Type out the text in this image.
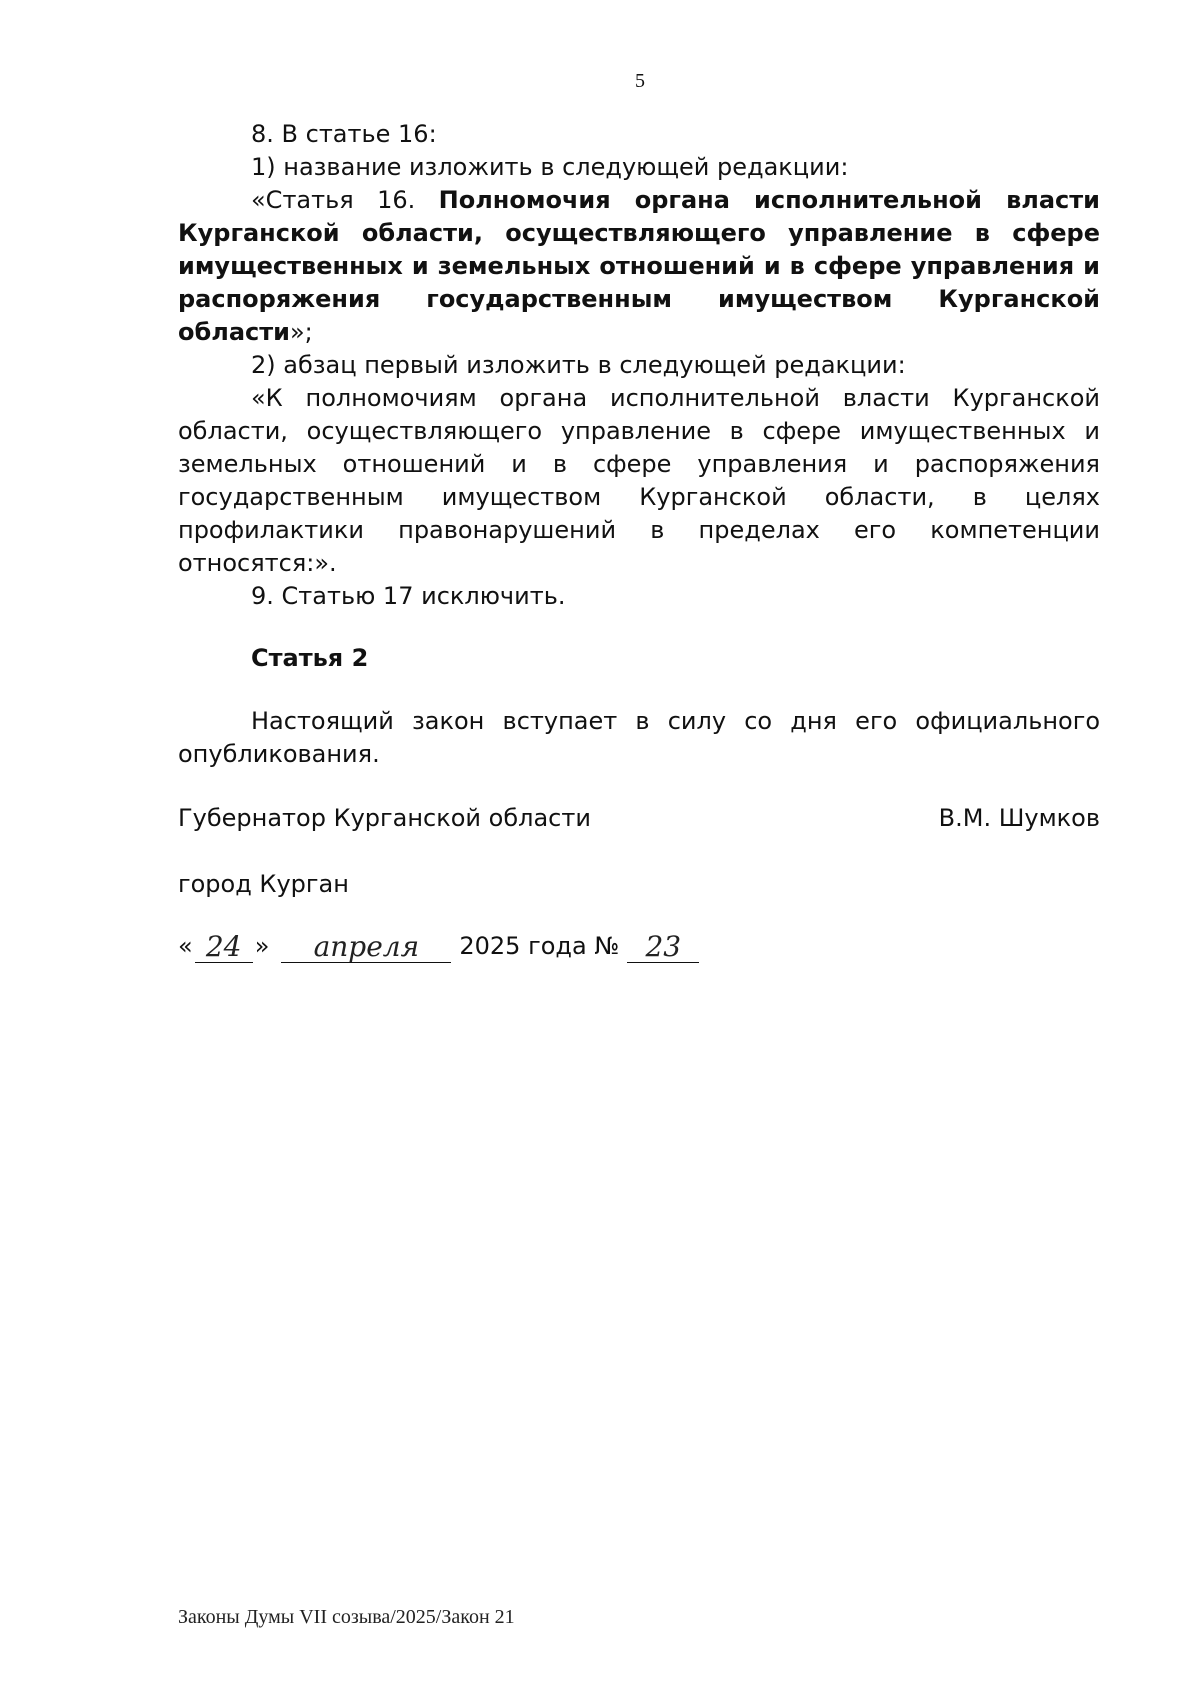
5

8. В статье 16:

1) название изложить в следующей редакции:

«Статья 16. Полномочия органа исполнительной власти Курганской области, осуществляющего управление в сфере имущественных и земельных отношений и в сфере управления и распоряжения государственным имуществом Курганской области»;

2) абзац первый изложить в следующей редакции:

«К полномочиям органа исполнительной власти Курганской области, осуществляющего управление в сфере имущественных и земельных отношений и в сфере управления и распоряжения государственным имуществом Курганской области, в целях профилактики правонарушений в пределах его компетенции относятся:».

9. Статью 17 исключить.

Статья 2

Настоящий закон вступает в силу со дня его официального опубликования.

Губернатор Курганской области	В.М. Шумков
город Курган
« 24 »	апреля	2025 года № 23
Законы Думы VII созыва/2025/Закон 21
